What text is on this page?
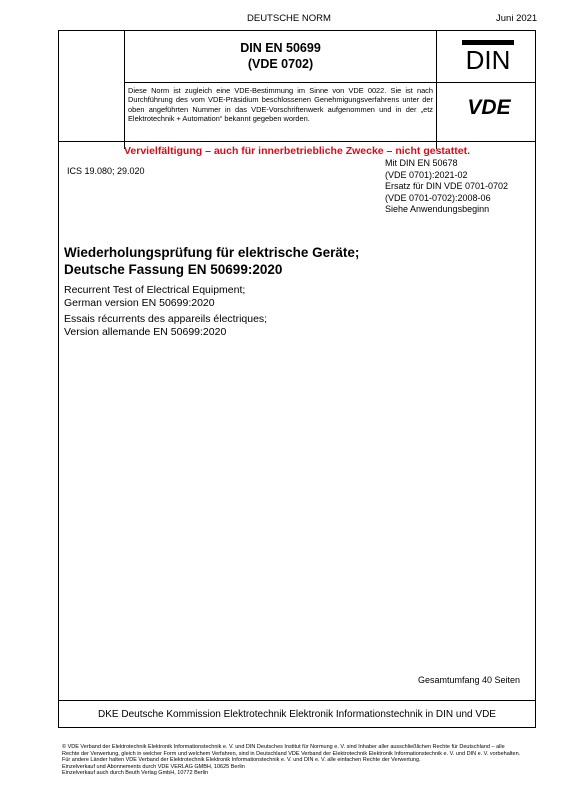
DEUTSCHE NORM	Juni 2021
DIN EN 50699
(VDE 0702)	DIN
Diese Norm ist zugleich eine VDE-Bestimmung im Sinne von VDE 0022. Sie ist nach Durchführung des vom VDE-Präsidium beschlossenen Genehmigungsverfahrens unter der oben angeführten Nummer in das VDE-Vorschriftenwerk aufgenommen und in der „etz Elektrotechnik + Automation“ bekannt gegeben worden.	VDE
Vervielfältigung – auch für innerbetriebliche Zwecke – nicht gestattet.
ICS 19.080; 29.020
Mit DIN EN 50678
(VDE 0701):2021-02
Ersatz für DIN VDE 0701-0702
(VDE 0701-0702):2008-06
Siehe Anwendungsbeginn
Wiederholungsprüfung für elektrische Geräte;
Deutsche Fassung EN 50699:2020
Recurrent Test of Electrical Equipment;
German version EN 50699:2020
Essais récurrents des appareils électriques;
Version allemande EN 50699:2020
Gesamtumfang 40 Seiten
DKE Deutsche Kommission Elektrotechnik Elektronik Informationstechnik in DIN und VDE

© VDE Verband der Elektrotechnik Elektronik Informationstechnik e. V. und DIN Deutsches Institut für Normung e. V. sind Inhaber aller ausschließlichen Rechte für Deutschland – alle Rechte der Verwertung, gleich in welcher Form und welchem Verfahren, sind in Deutschland VDE Verband der Elektrotechnik Elektronik Informationstechnik e. V. und DIN e. V. vorbehalten. Für andere Länder halten VDE Verband der Elektrotechnik Elektronik Informationstechnik e. V. und DIN e. V. alle einfachen Rechte der Verwertung.

Einzelverkauf und Abonnements durch VDE VERLAG GMBH, 10625 Berlin

Einzelverkauf auch durch Beuth Verlag GmbH, 10772 Berlin
